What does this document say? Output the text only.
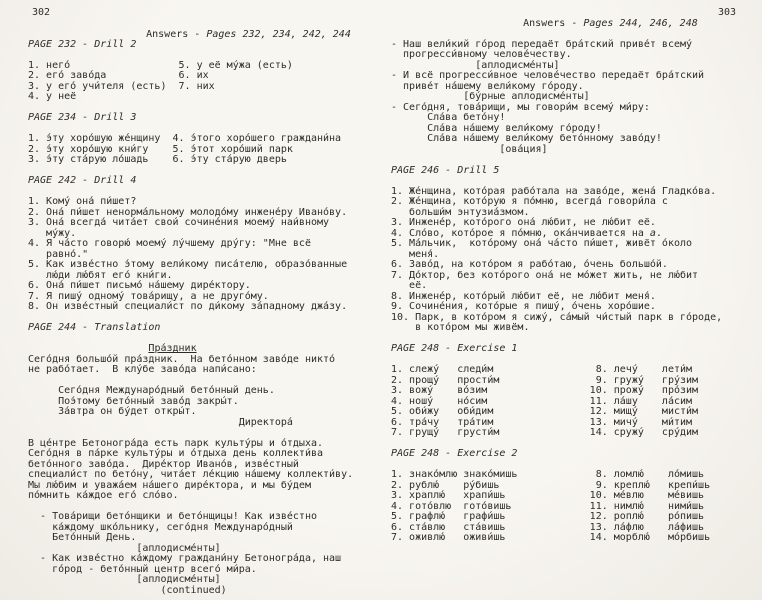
302

Answers - Pages 232, 234, 242, 244

PAGE 232 - Drill 2
1. него́                  5. у её му́жа (есть)
2. его́ заво́да            6. их
3. у его́ учи́теля (есть)  7. них
4. у неё
PAGE 234 - Drill 3
1. э́ту хоро́шую же́нщину  4. э́того хоро́шего граждани́на
2. э́ту хоро́шую кни́гу    5. э́тот хоро́ший парк
3. э́ту ста́рую ло́шадь    6. э́ту ста́рую дверь
PAGE 242 - Drill 4
1. Кому́ она́ пи́шет?
2. Она́ пи́шет ненорма́льному молодо́му инжене́ру Ивано́ву.
3. Она́ всегда́ чита́ет свои́ сочине́ния моему́ наи́вному
му́жу.
4. Я ча́сто говорю́ моему́ лу́чшему дру́гу: "Мне всё
равно́."
5. Как изве́стно э́тому вели́кому писа́телю, образо́ванные
лю́ди лю́бят его́ кни́ги.
6. Она́ пи́шет письмо́ на́шему дире́ктору.
7. Я пишу́ одному́ това́рищу, а не друго́му.
8. Он изве́стный специали́ст по ди́кому за́падному джа́зу.
PAGE 244 - Translation
Пра́здник
Сего́дня большо́й пра́здник.  На бето́нном заво́де никто́
не рабо́тает.  В клу́бе заво́да напи́сано:
Сего́дня Междунаро́дный бето́нный день.
Поэ́тому бето́нный заво́д закры́т.
За́втра он бу́дет откры́т.
Директора́
В це́нтре Бетоногра́да есть парк культу́ры и о́тдыха.
Сего́дня в па́рке культу́ры и о́тдыха день коллекти́ва
бето́нного заво́да.  Дире́ктор Ивано́в, изве́стный
специали́ст по бето́ну, чита́ет ле́кцию на́шему коллекти́ву.
Мы лю́бим и уважа́ем на́шего дире́ктора, и мы бу́дем
по́мнить ка́ждое его́ сло́во.
- Това́рищи бето́нщики и бето́нщицы! Как изве́стно
ка́ждому шко́льнику, сего́дня Междунаро́дный
Бето́нный День.
[аплодисме́нты]
- Как изве́стно ка́ждому граждани́ну Бетоногра́да, наш
го́род - бето́нный центр всего́ ми́ра.
[аплодисме́нты]
(continued)

Answers - Pages 244, 246, 248

303

- Наш вели́кий го́род передаёт бра́тский приве́т всему́
прогресси́вному челове́честву.
[аплодисме́нты]
- И всё прогресси́вное челове́чество передаёт бра́тский
приве́т на́шему вели́кому го́роду.
[бу́рные аплодисме́нты]
- Сего́дня, това́рищи, мы говори́м всему́ ми́ру:
Сла́ва бето́ну!
Сла́ва на́шему вели́кому го́роду!
Сла́ва на́шему вели́кому бето́нному заво́ду!
[ова́ция]
PAGE 246 - Drill 5
1. Же́нщина, кото́рая рабо́тала на заво́де, жена́ Гладко́ва.
2. Же́нщина, кото́рую я по́мню, всегда́ говори́ла с
больши́м энтузиа́змом.
3. Инжене́р, кото́рого она́ лю́бит, не лю́бит её.
4. Сло́во, кото́рое я по́мню, ока́нчивается на a.
5. Ма́льчик,  кото́рому она́ ча́сто пи́шет, живёт о́коло
меня́.
6. Заво́д, на кото́ром я рабо́таю, о́чень большо́й.
7. До́ктор, без кото́рого она́ не мо́жет жить, не лю́бит
её.
8. Инжене́р, кото́рый лю́бит её, не лю́бит меня́.
9. Сочине́ния, кото́рые я пишу́, о́чень хоро́шие.
10. Парк, в кото́ром я сижу́, са́мый чи́стый парк в го́роде,
в кото́ром мы живём.
PAGE 248 - Exercise 1
1. слежу́   следи́м                 8. лечу́    лети́м
2. прощу́   прости́м                9. гружу́   гру́зим
3. вожу́    во́зим                 10. прожу́   про́зим
4. ношу́    но́сим                 11. ла́шу    ла́сим
5. оби́жу   оби́дим                12. мищу́    мисти́м
6. тра́чу   тра́тим                13. мичу́    ми́тим
7. грущу́   грусти́м               14. сружу́   сру́дим
PAGE 248 - Exercise 2
1. знако́млю знако́мишь             8. ломлю́    ло́мишь
2. рублю́    ру́бишь                9. креплю́   крепи́шь
3. храплю́   храпи́шь              10. ме́влю    ме́вишь
4. гото́влю  гото́вишь             11. нимлю́    ними́шь
5. графлю́   графи́шь              12. роплю́    ро́пишь
6. ста́влю   ста́вишь              13. ла́флю    ла́фишь
7. оживлю́   оживи́шь              14. морблю́   мо́рбишь
